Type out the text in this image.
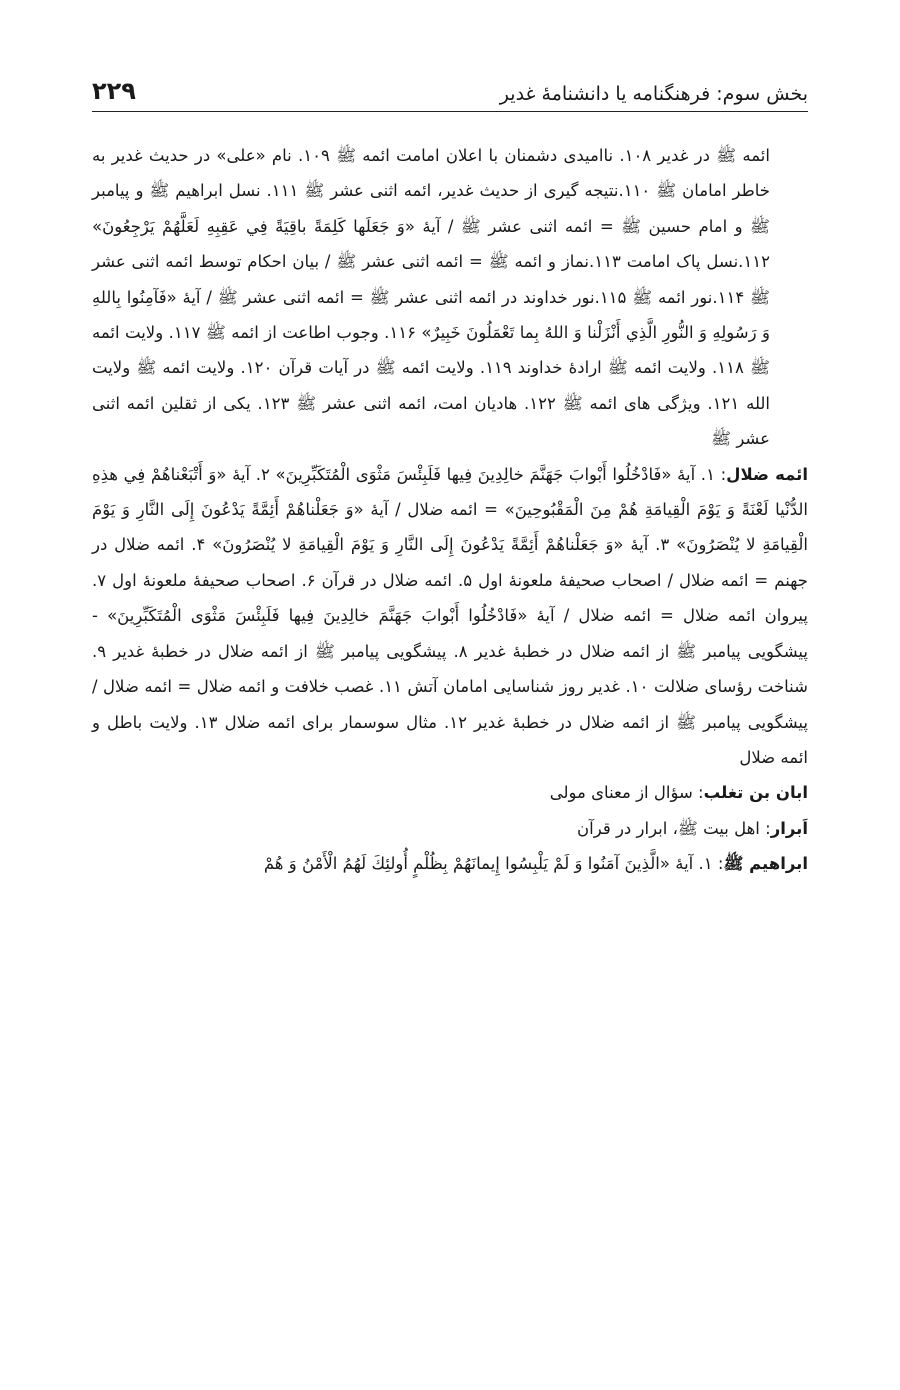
بخش سوم: فرهنگنامه یا دانشنامهٔ غدیر
۲۲۹

ائمه ﷺ در غدیر ۱۰۸. ناامیدی دشمنان با اعلان امامت ائمه ﷺ ۱۰۹. نام «علی» در حدیث غدیر به خاطر امامان ﷺ ۱۱۰.نتیجه گیری از حدیث غدیر، ائمه اثنی عشر ﷺ ۱۱۱. نسل ابراهیم ﷺ و پیامبر ﷺ و امام حسین ﷺ = ائمه اثنی عشر ﷺ / آیهٔ «وَ جَعَلَها كَلِمَةً باقِيَةً فِي عَقِبِهِ لَعَلَّهُمْ يَرْجِعُونَ» ۱۱۲.نسل پاک امامت ۱۱۳.نماز و ائمه ﷺ = ائمه اثنی عشر ﷺ / بیان احکام توسط ائمه اثنی عشر ﷺ ۱۱۴.نور ائمه ﷺ ۱۱۵.نور خداوند در ائمه اثنی عشر ﷺ = ائمه اثنی عشر ﷺ / آیهٔ «فَآمِنُوا بِاللهِ وَ رَسُولِهِ وَ النُّورِ الَّذِي أَنْزَلْنا وَ اللهُ بِما تَعْمَلُونَ خَبِيرٌ» ۱۱۶. وجوب اطاعت از ائمه ﷺ ۱۱۷. ولایت ائمه ﷺ ۱۱۸. ولایت ائمه ﷺ ارادهٔ خداوند ۱۱۹. ولایت ائمه ﷺ در آیات قرآن ۱۲۰. ولایت ائمه ﷺ ولایت الله ۱۲۱. ویژگی های ائمه ﷺ ۱۲۲. هادیان امت، ائمه اثنی عشر ﷺ ۱۲۳. یکی از ثقلین ائمه اثنی عشر ﷺ

ائمه ضلال: ۱. آیهٔ «فَادْخُلُوا أَبْوابَ جَهَنَّمَ خالِدِينَ فِيها فَلَبِئْسَ مَثْوَى الْمُتَكَبِّرِينَ» ۲. آیهٔ «وَ أَتْبَعْناهُمْ فِي هذِهِ الدُّنْيا لَعْنَةً وَ يَوْمَ الْقِيامَةِ هُمْ مِنَ الْمَقْبُوحِينَ» = ائمه ضلال / آیهٔ «وَ جَعَلْناهُمْ أَئِمَّةً يَدْعُونَ إِلَى النَّارِ وَ يَوْمَ الْقِيامَةِ لا يُنْصَرُونَ» ۳. آیهٔ «وَ جَعَلْناهُمْ أَئِمَّةً يَدْعُونَ إِلَى النَّارِ وَ يَوْمَ الْقِيامَةِ لا يُنْصَرُونَ» ۴. ائمه ضلال در جهنم = ائمه ضلال / اصحاب صحیفهٔ ملعونهٔ اول ۵. ائمه ضلال در قرآن ۶. اصحاب صحیفهٔ ملعونهٔ اول ۷. پیروان ائمه ضلال = ائمه ضلال / آیهٔ «فَادْخُلُوا أَبْوابَ جَهَنَّمَ خالِدِينَ فِيها فَلَبِئْسَ مَثْوَى الْمُتَكَبِّرِينَ» - پیشگویی پیامبر ﷺ از ائمه ضلال در خطبهٔ غدیر ۸. پیشگویی پیامبر ﷺ از ائمه ضلال در خطبهٔ غدیر ۹. شناخت رؤسای ضلالت ۱۰. غدیر روز شناسایی امامان آتش ۱۱. غصب خلافت و ائمه ضلال = ائمه ضلال / پیشگویی پیامبر ﷺ از ائمه ضلال در خطبهٔ غدیر ۱۲. مثال سوسمار برای ائمه ضلال ۱۳. ولایت باطل و ائمه ضلال

ابان بن تغلب: سؤال از معنای مولی

اَبرار: اهل بیت ﷺ، ابرار در قرآن

ابراهیم ﷺ: ۱. آیهٔ «الَّذِينَ آمَنُوا وَ لَمْ يَلْبِسُوا إِيمانَهُمْ بِظُلْمٍ أُولئِكَ لَهُمُ الْأَمْنُ وَ هُمْ
